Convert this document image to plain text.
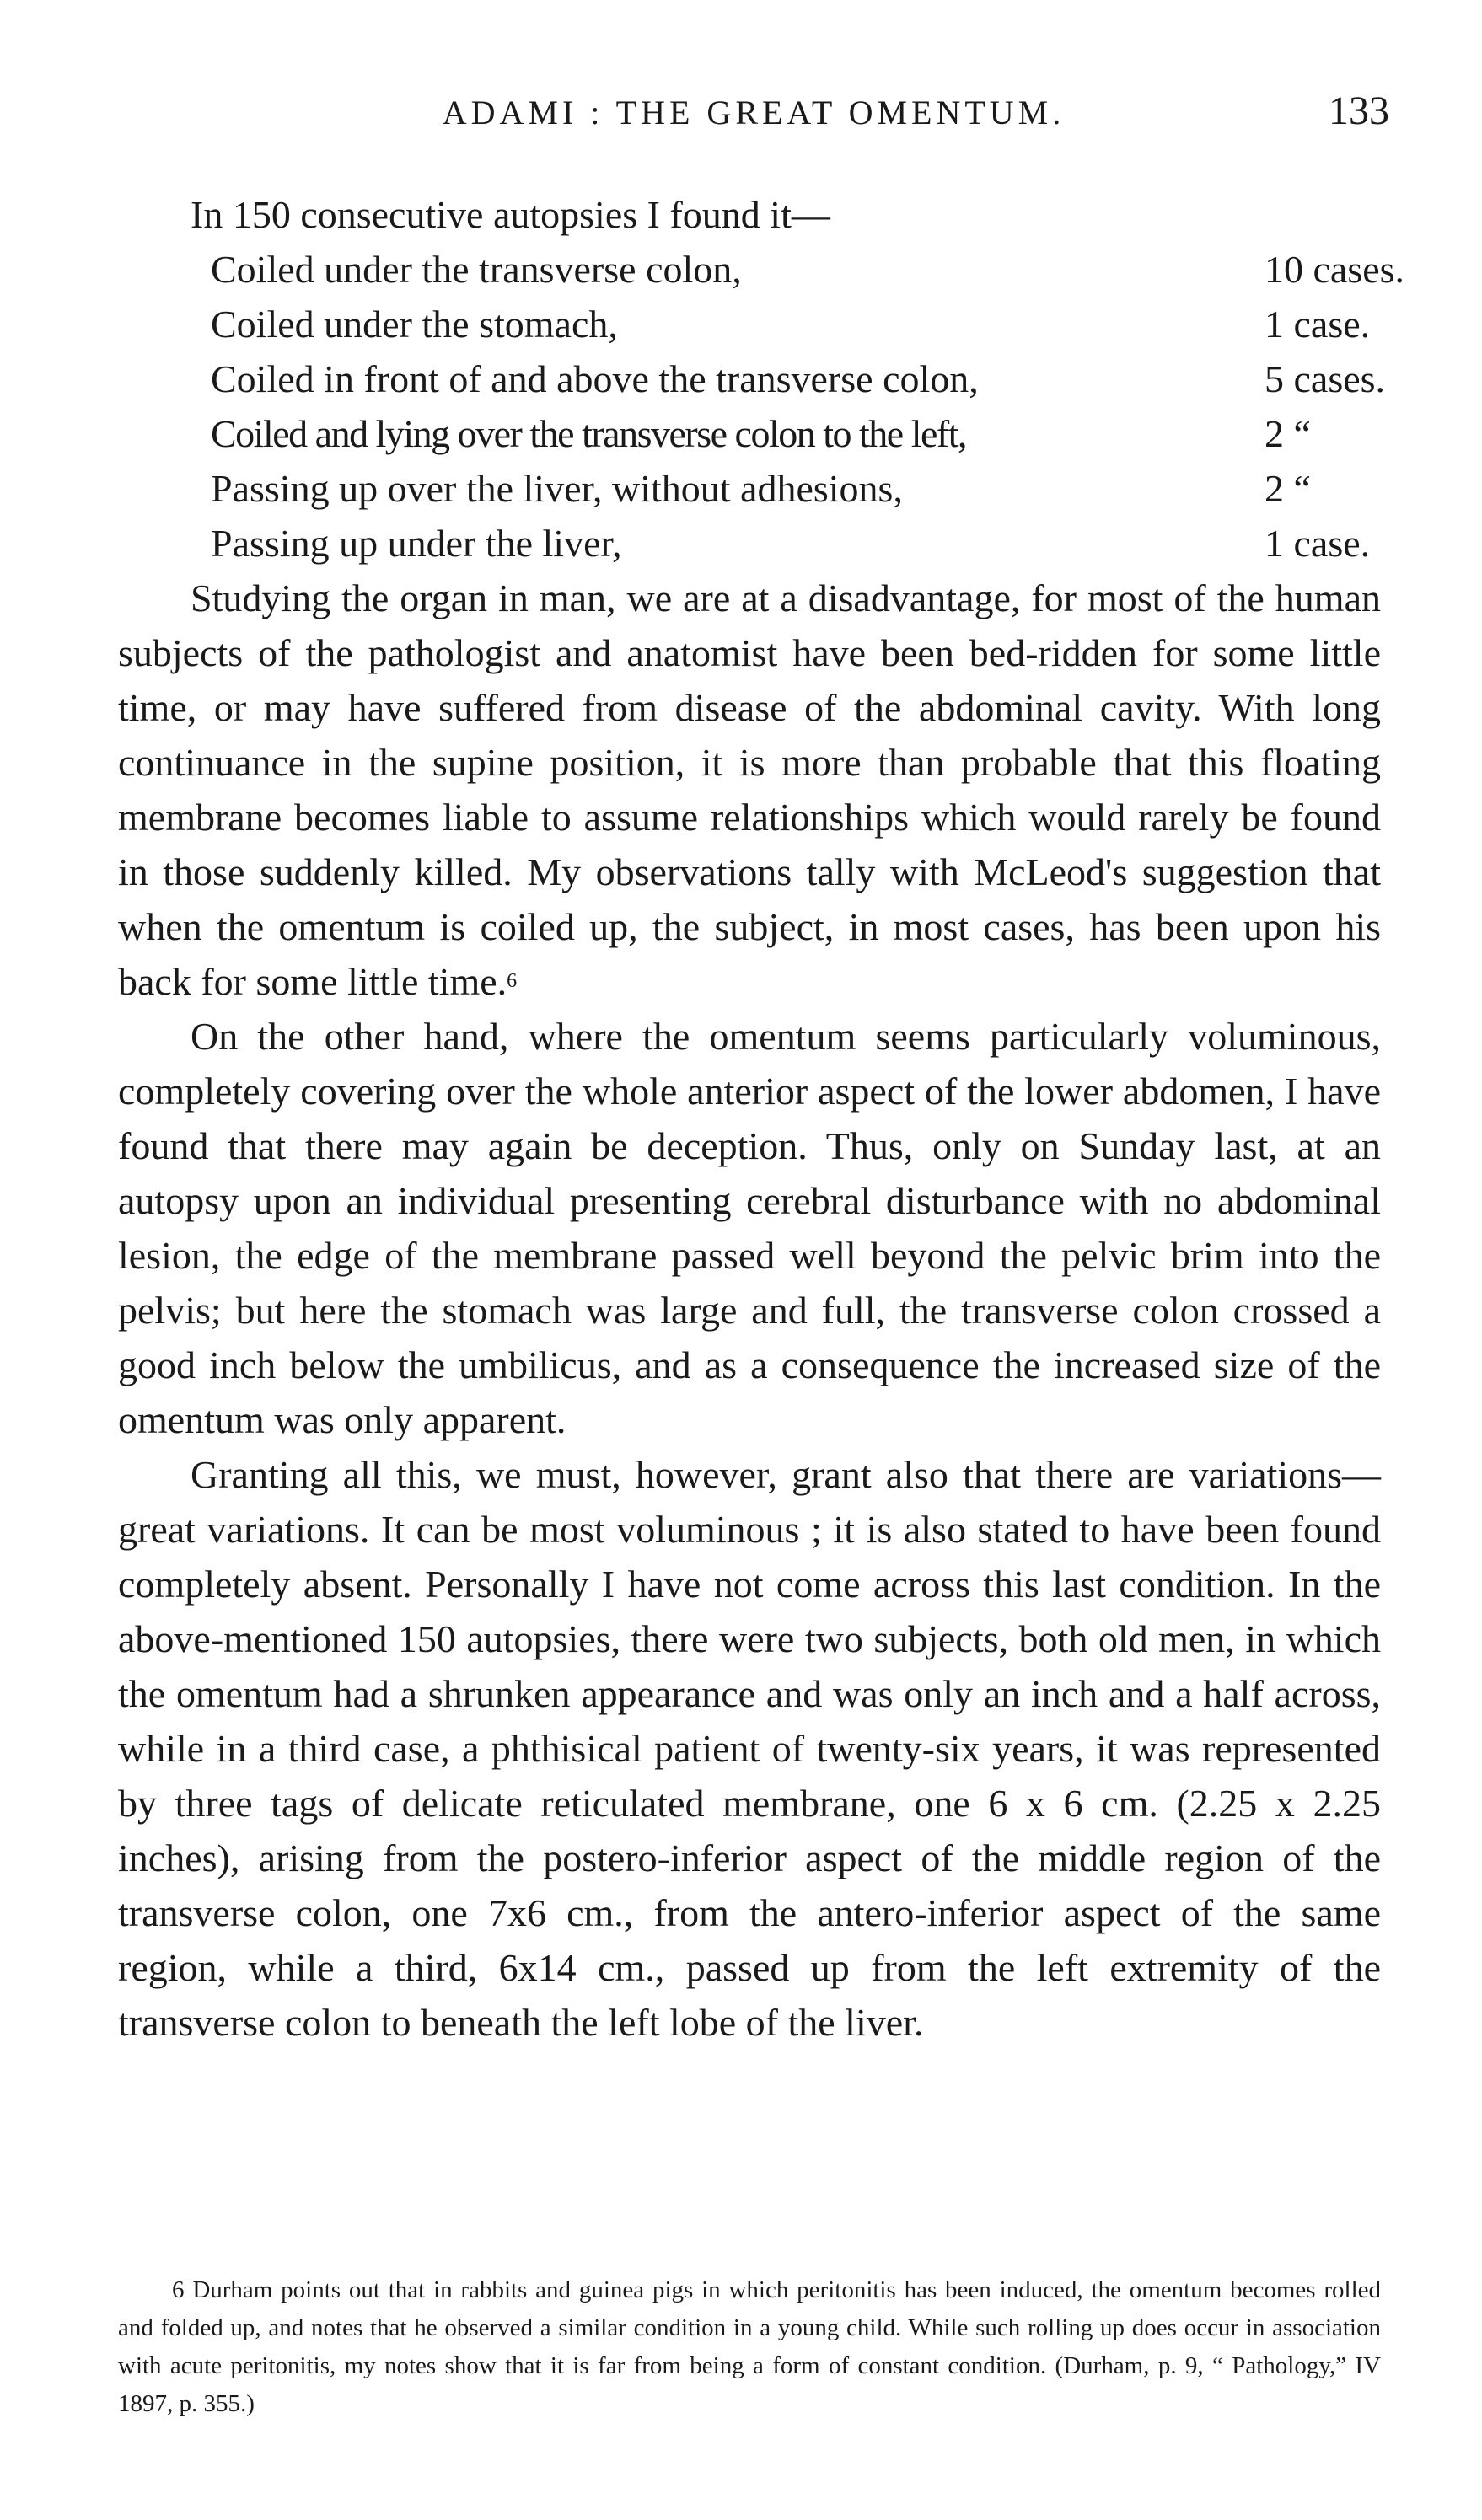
ADAMI : THE GREAT OMENTUM.	133

In 150 consecutive autopsies I found it—

Coiled under the transverse colon,	10 cases.
Coiled under the stomach,	1 case.
Coiled in front of and above the transverse colon,	5 cases.
Coiled and lying over the transverse colon to the left,	2 “
Passing up over the liver, without adhesions,	2 “
Passing up under the liver,	1 case.

Studying the organ in man, we are at a disadvantage, for most of the human subjects of the pathologist and anatomist have been bed-ridden for some little time, or may have suffered from disease of the abdominal cavity. With long continuance in the supine position, it is more than probable that this floating membrane becomes liable to assume relationships which would rarely be found in those suddenly killed. My observations tally with McLeod's suggestion that when the omentum is coiled up, the subject, in most cases, has been upon his back for some little time.$^6$

On the other hand, where the omentum seems particularly voluminous, completely covering over the whole anterior aspect of the lower abdomen, I have found that there may again be deception. Thus, only on Sunday last, at an autopsy upon an individual presenting cerebral disturbance with no abdominal lesion, the edge of the membrane passed well beyond the pelvic brim into the pelvis; but here the stomach was large and full, the transverse colon crossed a good inch below the umbilicus, and as a consequence the increased size of the omentum was only apparent.

Granting all this, we must, however, grant also that there are variations—great variations. It can be most voluminous ; it is also stated to have been found completely absent. Personally I have not come across this last condition. In the above-mentioned 150 autopsies, there were two subjects, both old men, in which the omentum had a shrunken appearance and was only an inch and a half across, while in a third case, a phthisical patient of twenty-six years, it was represented by three tags of delicate reticulated membrane, one 6 x 6 cm. (2.25 x 2.25 inches), arising from the postero-inferior aspect of the middle region of the transverse colon, one 7x6 cm., from the antero-inferior aspect of the same region, while a third, 6x14 cm., passed up from the left extremity of the transverse colon to beneath the left lobe of the liver.

6 Durham points out that in rabbits and guinea pigs in which peritonitis has been induced, the omentum becomes rolled and folded up, and notes that he observed a similar condition in a young child. While such rolling up does occur in association with acute peritonitis, my notes show that it is far from being a form of constant condition. (Durham, p. 9, “ Pathology,” IV 1897, p. 355.)
